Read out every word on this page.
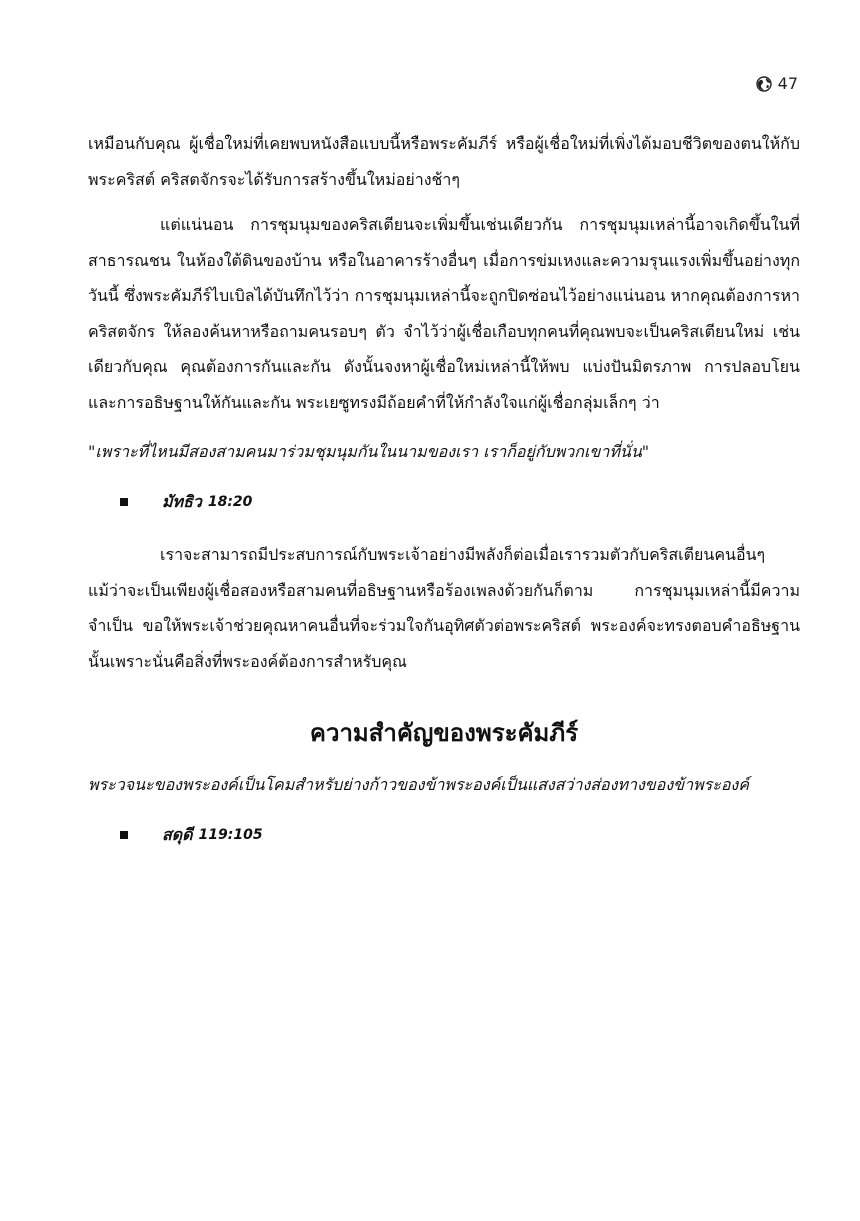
47

เหมือนกับคุณ ผู้เชื่อใหม่ที่เคยพบหนังสือแบบนี้หรือพระคัมภีร์ หรือผู้เชื่อใหม่ที่เพิ่งได้มอบชีวิตของตนให้กับพระคริสต์ คริสตจักรจะได้รับการสร้างขึ้นใหม่อย่างช้าๆ

แต่แน่นอน การชุมนุมของคริสเตียนจะเพิ่มขึ้นเช่นเดียวกัน การชุมนุมเหล่านี้อาจเกิดขึ้นในที่สาธารณชน ในห้องใต้ดินของบ้าน หรือในอาคารร้างอื่นๆ เมื่อการข่มเหงและความรุนแรงเพิ่มขึ้นอย่างทุกวันนี้ ซึ่งพระคัมภีร์ไบเบิลได้บันทึกไว้ว่า การชุมนุมเหล่านี้จะถูกปิดซ่อนไว้อย่างแน่นอน หากคุณต้องการหาคริสตจักร ให้ลองค้นหาหรือถามคนรอบๆ ตัว จำไว้ว่าผู้เชื่อเกือบทุกคนที่คุณพบจะเป็นคริสเตียนใหม่ เช่นเดียวกับคุณ คุณต้องการกันและกัน ดังนั้นจงหาผู้เชื่อใหม่เหล่านี้ให้พบ แบ่งปันมิตรภาพ การปลอบโยน และการอธิษฐานให้กันและกัน พระเยซูทรงมีถ้อยคำที่ให้กำลังใจแก่ผู้เชื่อกลุ่มเล็กๆ ว่า

"เพราะที่ไหนมีสองสามคนมาร่วมชุมนุมกันในนามของเรา เราก็อยู่กับพวกเขาที่นั่น"

มัทธิว 18:20

เราจะสามารถมีประสบการณ์กับพระเจ้าอย่างมีพลังก็ต่อเมื่อเรารวมตัวกับคริสเตียนคนอื่นๆ แม้ว่าจะเป็นเพียงผู้เชื่อสองหรือสามคนที่อธิษฐานหรือร้องเพลงด้วยกันก็ตาม การชุมนุมเหล่านี้มีความจำเป็น ขอให้พระเจ้าช่วยคุณหาคนอื่นที่จะร่วมใจกันอุทิศตัวต่อพระคริสต์ พระองค์จะทรงตอบคำอธิษฐานนั้นเพราะนั่นคือสิ่งที่พระองค์ต้องการสำหรับคุณ

ความสำคัญของพระคัมภีร์

พระวจนะของพระองค์เป็นโคมสำหรับย่างก้าวของข้าพระองค์เป็นแสงสว่างส่องทางของข้าพระองค์

สดุดี 119:105
